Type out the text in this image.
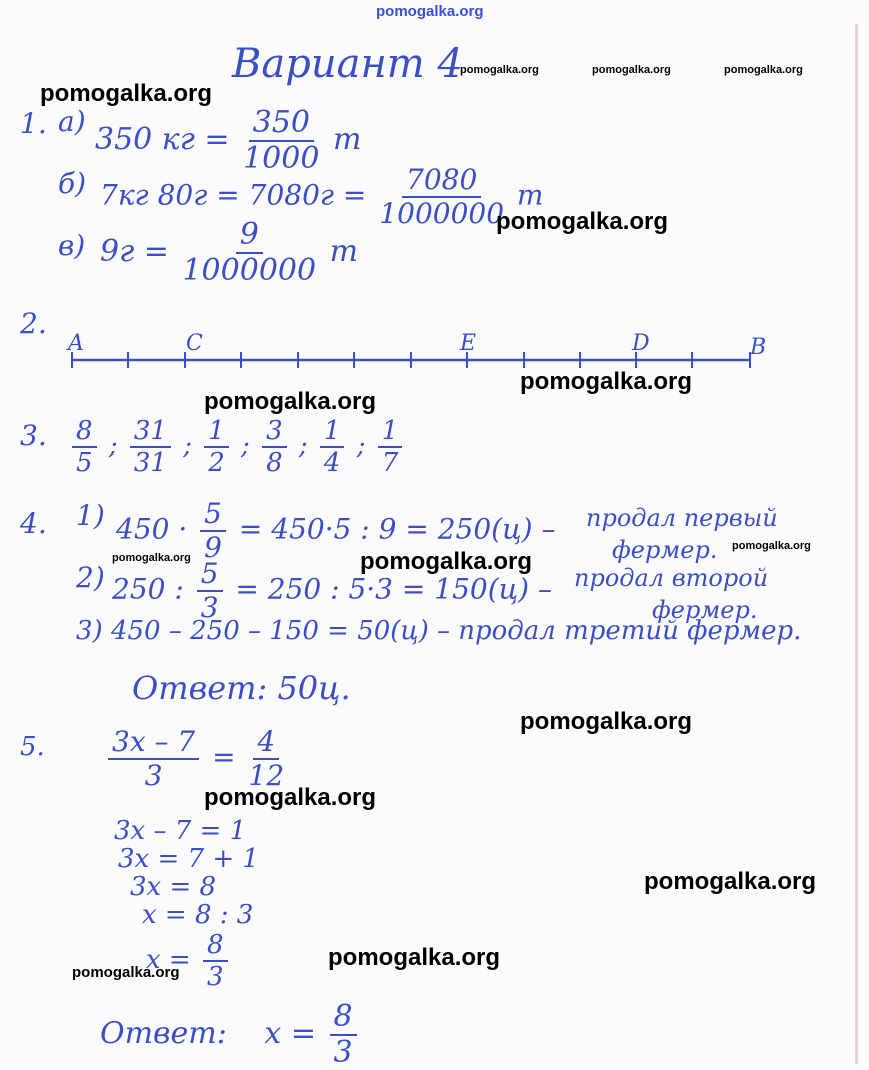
Вариант 4
1. а)
350 кг = $\frac{350}{1000}$ т
б) 7кг $80г = 7080г = \frac{7080}{1000000}$ т
в) $9г = \frac{9}{1000000}$ т
2.
A	C	E	D	B
3. $\frac{8}{5}$ ; $\frac{31}{31}$ ; $\frac{1}{2}$ ; $\frac{3}{8}$ ; $\frac{1}{4}$ ; $\frac{1}{7}$
4. 1) $450 \cdot \frac{5}{9} = 450\cdot 5$ : 9 = 250(ц) – продал первый
фермер.
2) 250 : $\frac{5}{3} = 250$ : 5·3 = 150(ц) – продал второй
фермер.
3) 450 – 250 – 150 = 50(ц) – продал третий фермер.
Ответ: 50ц.
5. $\frac{3x - 7}{3} = \frac{4}{12}$
3x – 7 = 1
3x = 7 + 1
3x = 8
x = 8 : 3
$x = \frac{8}{3}$
Ответ: $x = \frac{8}{3}$
pomogalka.org
pomogalka.org	pomogalka.org	pomogalka.org
pomogalka.org
pomogalka.org
pomogalka.org
pomogalka.org
pomogalka.org
pomogalka.org	pomogalka.org
pomogalka.org
pomogalka.org
pomogalka.org
pomogalka.org
pomogalka.org
